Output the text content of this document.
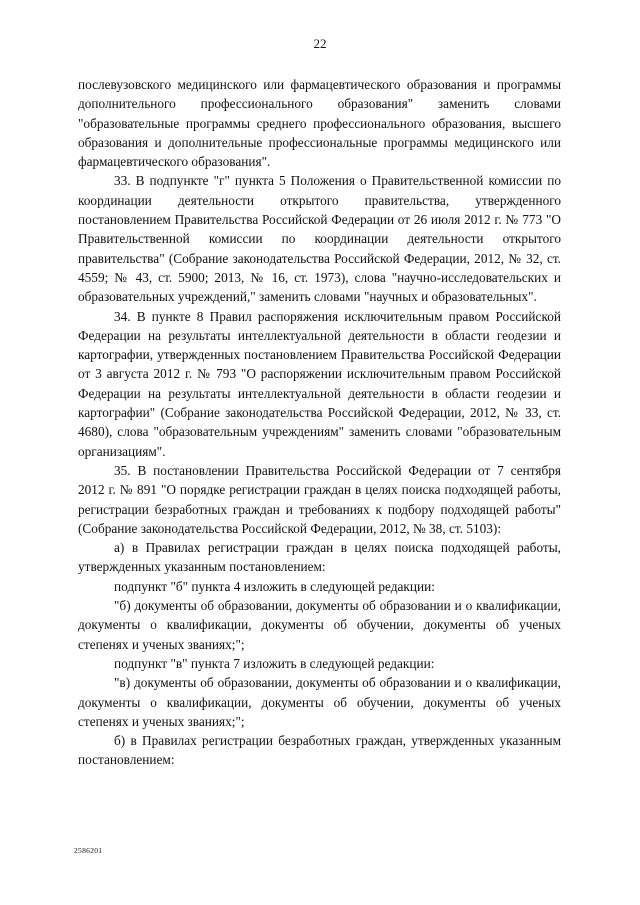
22

послевузовского медицинского или фармацевтического образования и программы дополнительного профессионального образования" заменить словами "образовательные программы среднего профессионального образования, высшего образования и дополнительные профессиональные программы медицинского или фармацевтического образования".

33. В подпункте "г" пункта 5 Положения о Правительственной комиссии по координации деятельности открытого правительства, утвержденного постановлением Правительства Российской Федерации от 26 июля 2012 г. № 773 "О Правительственной комиссии по координации деятельности открытого правительства" (Собрание законодательства Российской Федерации, 2012, № 32, ст. 4559; № 43, ст. 5900; 2013, № 16, ст. 1973), слова "научно-исследовательских и образовательных учреждений," заменить словами "научных и образовательных".

34. В пункте 8 Правил распоряжения исключительным правом Российской Федерации на результаты интеллектуальной деятельности в области геодезии и картографии, утвержденных постановлением Правительства Российской Федерации от 3 августа 2012 г. № 793 "О распоряжении исключительным правом Российской Федерации на результаты интеллектуальной деятельности в области геодезии и картографии" (Собрание законодательства Российской Федерации, 2012, № 33, ст. 4680), слова "образовательным учреждениям" заменить словами "образовательным организациям".

35. В постановлении Правительства Российской Федерации от 7 сентября 2012 г. № 891 "О порядке регистрации граждан в целях поиска подходящей работы, регистрации безработных граждан и требованиях к подбору подходящей работы" (Собрание законодательства Российской Федерации, 2012, № 38, ст. 5103):

а) в Правилах регистрации граждан в целях поиска подходящей работы, утвержденных указанным постановлением:

подпункт "б" пункта 4 изложить в следующей редакции:

"б) документы об образовании, документы об образовании и о квалификации, документы о квалификации, документы об обучении, документы об ученых степенях и ученых званиях;";

подпункт "в" пункта 7 изложить в следующей редакции:

"в) документы об образовании, документы об образовании и о квалификации, документы о квалификации, документы об обучении, документы об ученых степенях и ученых званиях;";

б) в Правилах регистрации безработных граждан, утвержденных указанным постановлением:

2586201
